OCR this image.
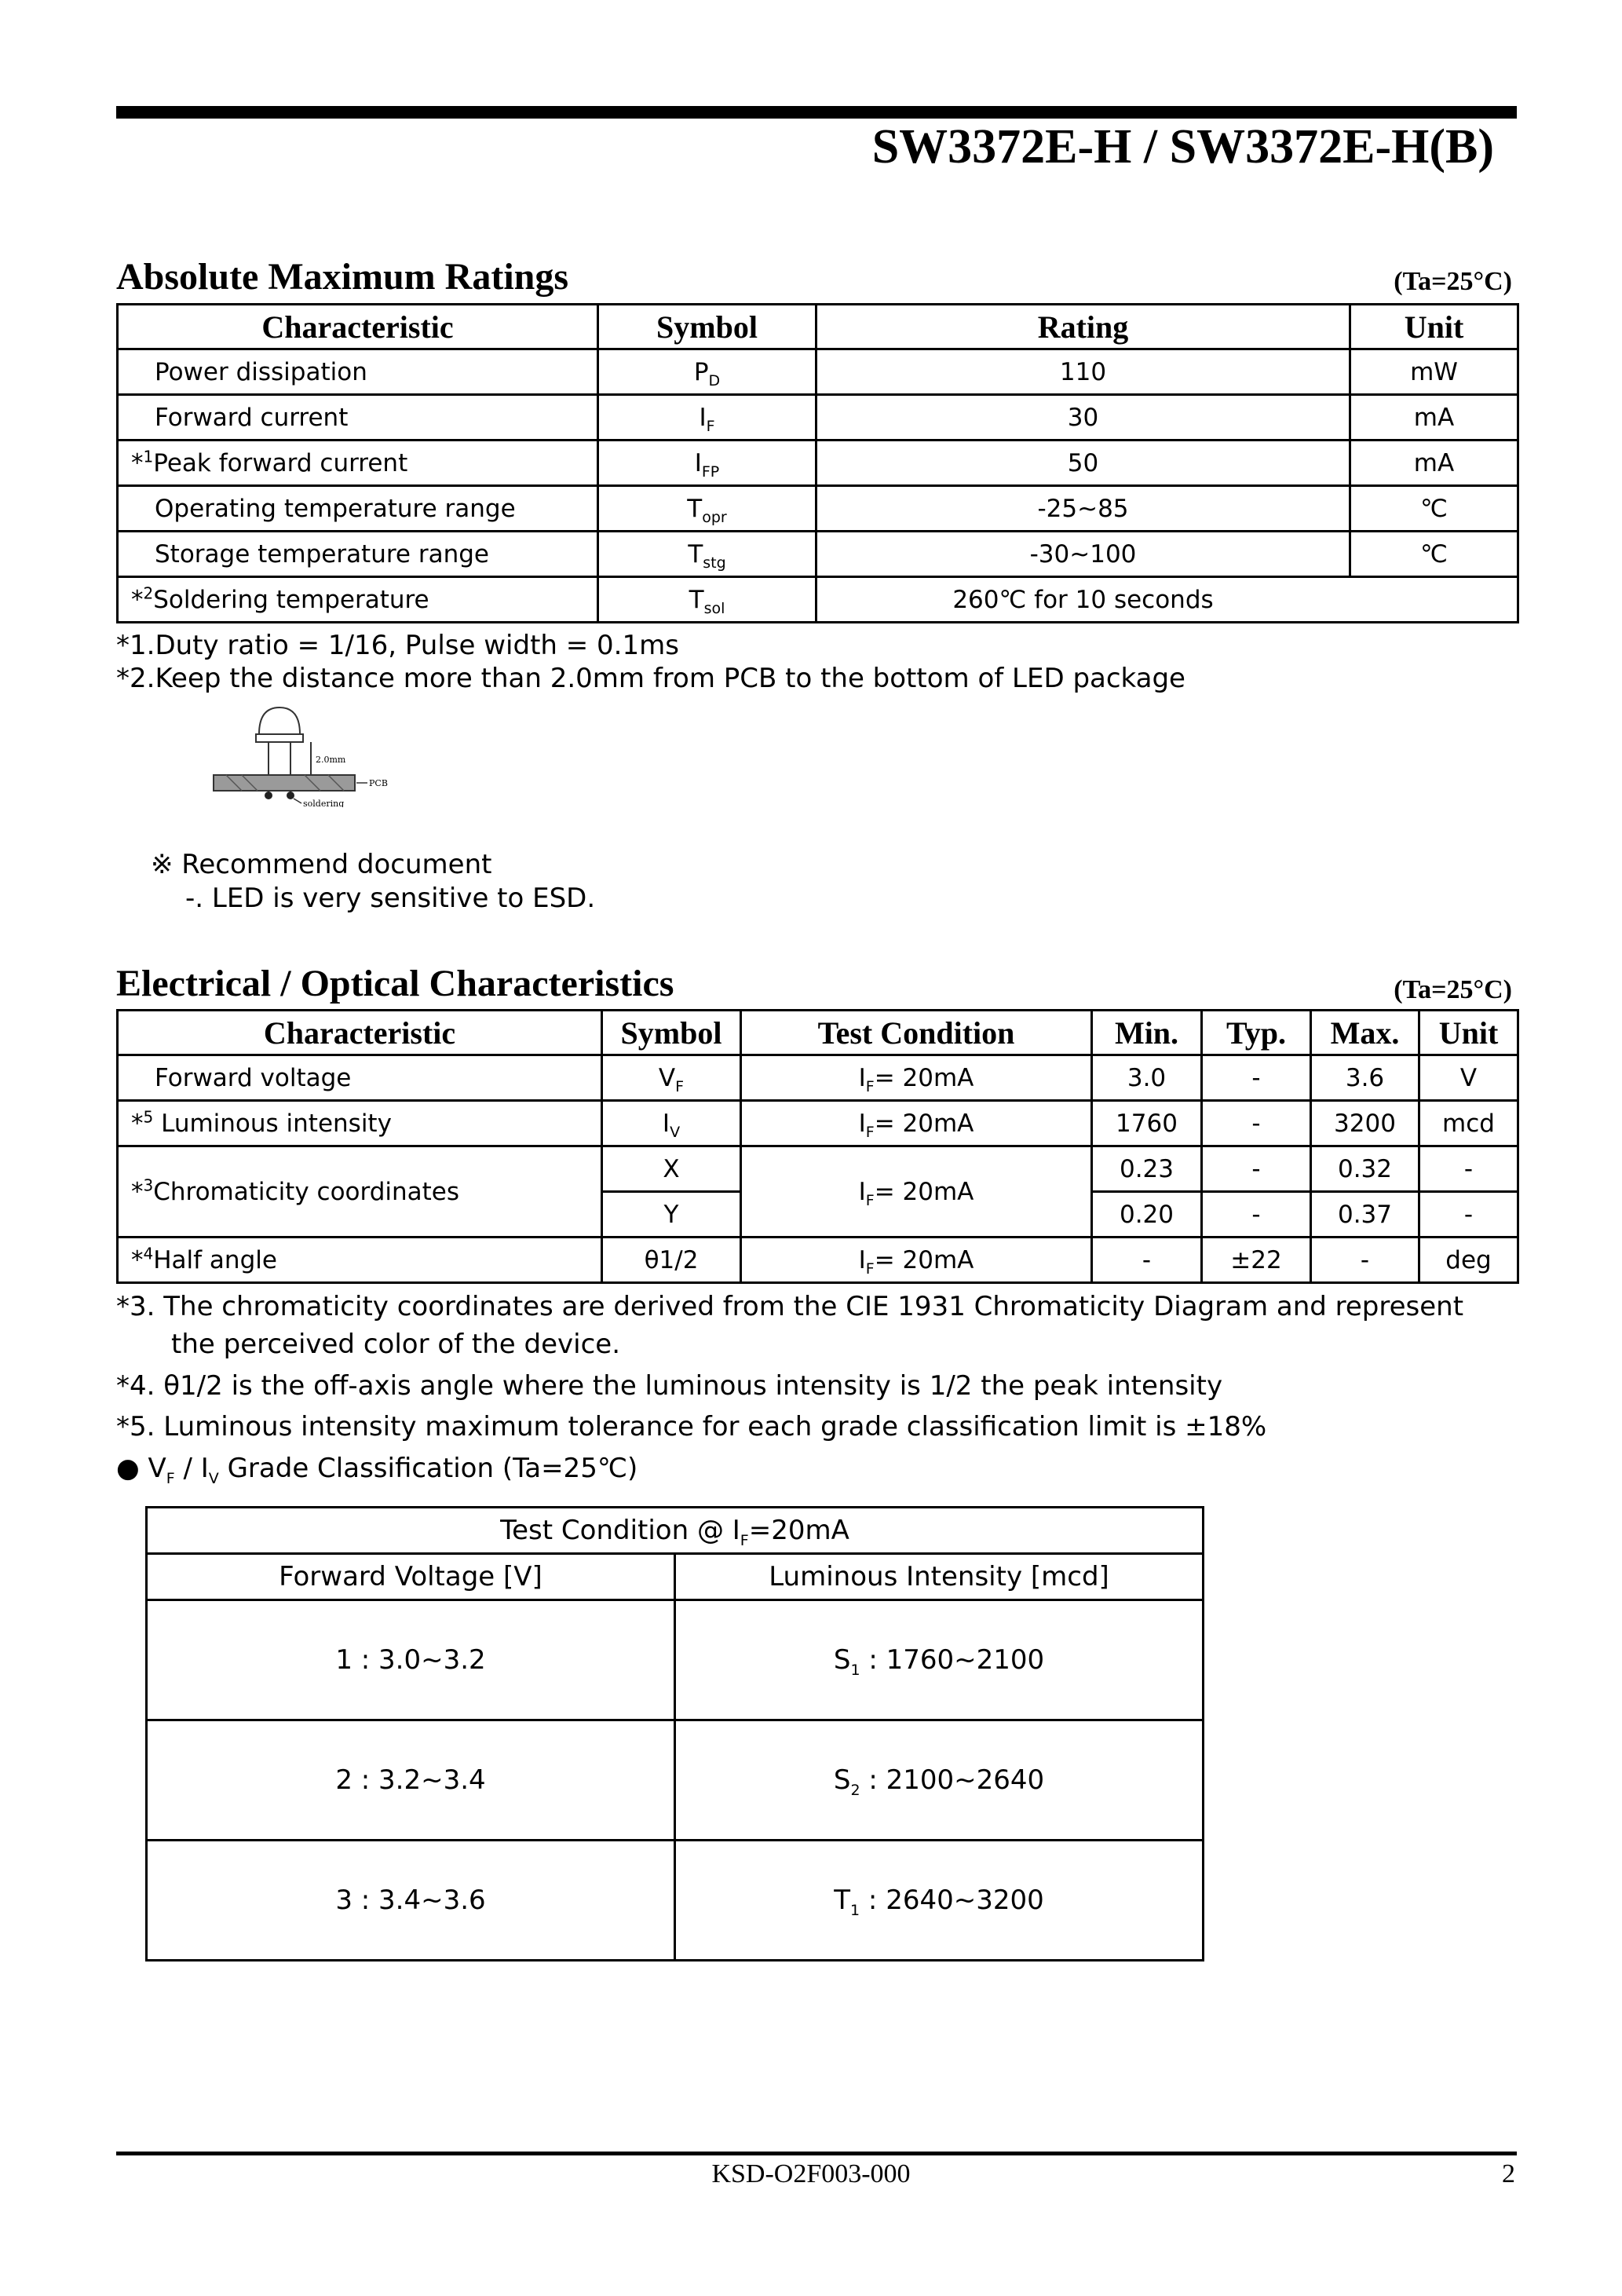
SW3372E-H / SW3372E-H(B)
Absolute Maximum Ratings	(Ta=25°C)
Characteristic	Symbol	Rating	Unit
Power dissipation	$P_D$	110	mW
Forward current	$I_F$	30	mA
*$^1$Peak forward current	$I_{FP}$	50	mA
Operating temperature range	$T_{opr}$	-25~85	℃
Storage temperature range	$T_{stg}$	-30~100	℃
*$^2$Soldering temperature	$T_{sol}$	260℃ for 10 seconds	
*1.Duty ratio = 1/16, Pulse width = 0.1ms
*2.Keep the distance more than 2.0mm from PCB to the bottom of LED package
2.0mm
PCB
soldering
※ Recommend document
-. LED is very sensitive to ESD.
Electrical / Optical Characteristics	(Ta=25°C)
Characteristic	Symbol	Test Condition	Min.	Typ.	Max.	Unit
Forward voltage	$V_F$	$I_F= 20mA$	3.0	-	3.6	V
*$^5$ Luminous intensity	$I_V$	$I_F= 20mA$	1760	-	3200	mcd
*$^3$Chromaticity coordinates	X	$I_F= 20mA$	0.23	-	0.32	-
	Y		0.20	-	0.37	-
*$^4$Half angle	θ1/2	$I_F= 20mA$	-	±22	-	deg
*3. The chromaticity coordinates are derived from the CIE 1931 Chromaticity Diagram and represent
the perceived color of the device.
*4. θ1/2 is the off-axis angle where the luminous intensity is 1/2 the peak intensity
*5. Luminous intensity maximum tolerance for each grade classification limit is ±18%
● $V_F / I_V$ Grade Classification (Ta=25℃)
Test Condition @ $I_F=20mA$	
Forward Voltage [V]	Luminous Intensity [mcd]
1 : 3.0~3.2	$S_1$ : 1760~2100
2 : 3.2~3.4	$S_2$ : 2100~2640
3 : 3.4~3.6	$T_1$ : 2640~3200
KSD-O2F003-000	2
